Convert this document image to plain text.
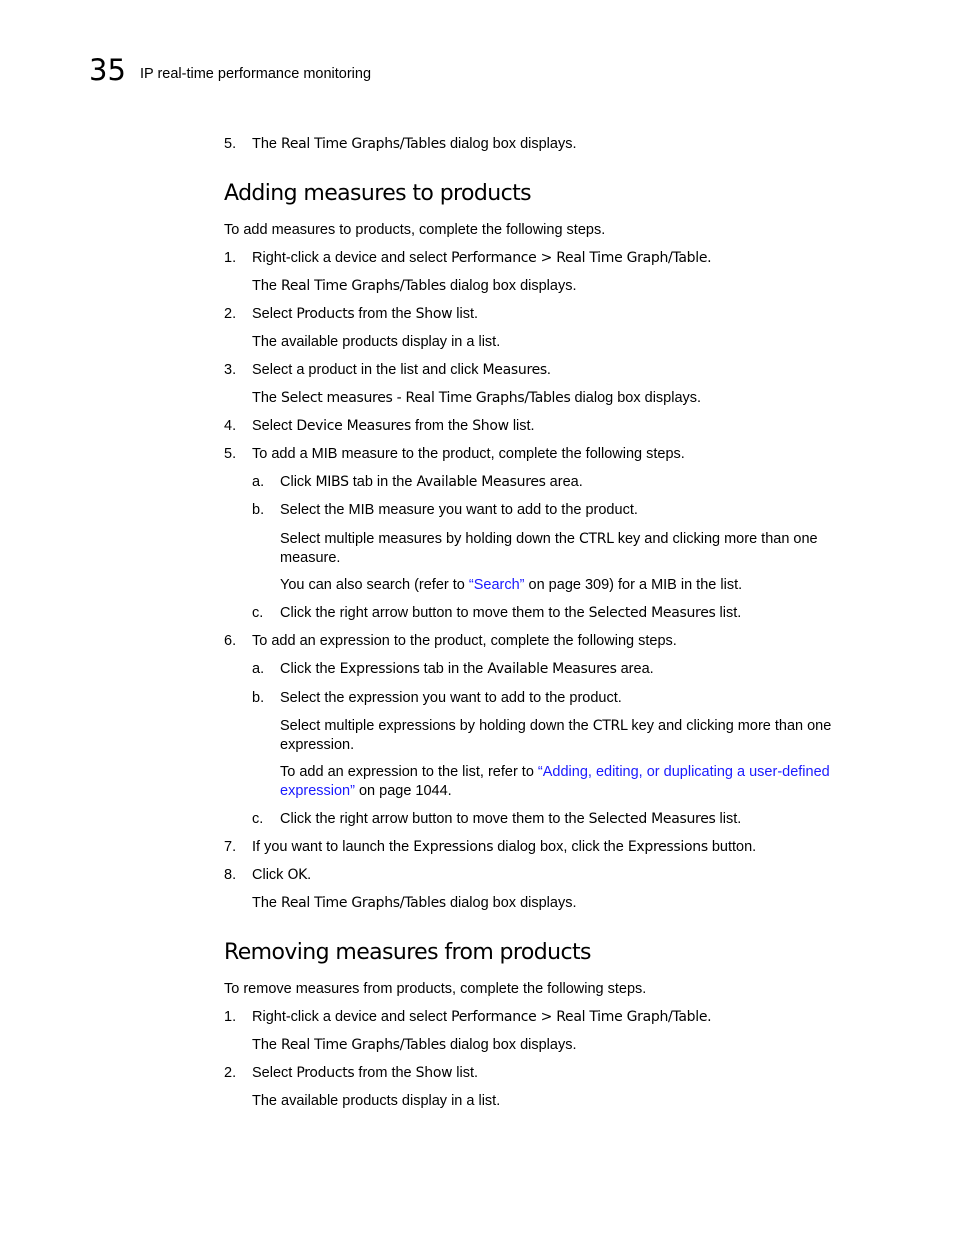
35 IP real-time performance monitoring
5. The Real Time Graphs/Tables dialog box displays.
Adding measures to products
To add measures to products, complete the following steps.
1. Right-click a device and select Performance > Real Time Graph/Table.
The Real Time Graphs/Tables dialog box displays.
2. Select Products from the Show list.
The available products display in a list.
3. Select a product in the list and click Measures.
The Select measures - Real Time Graphs/Tables dialog box displays.
4. Select Device Measures from the Show list.
5. To add a MIB measure to the product, complete the following steps.
a. Click MIBS tab in the Available Measures area.
b. Select the MIB measure you want to add to the product.
Select multiple measures by holding down the CTRL key and clicking more than one measure.
You can also search (refer to “Search” on page 309) for a MIB in the list.
c. Click the right arrow button to move them to the Selected Measures list.
6. To add an expression to the product, complete the following steps.
a. Click the Expressions tab in the Available Measures area.
b. Select the expression you want to add to the product.
Select multiple expressions by holding down the CTRL key and clicking more than one expression.
To add an expression to the list, refer to “Adding, editing, or duplicating a user-defined expression” on page 1044.
c. Click the right arrow button to move them to the Selected Measures list.
7. If you want to launch the Expressions dialog box, click the Expressions button.
8. Click OK.
The Real Time Graphs/Tables dialog box displays.
Removing measures from products
To remove measures from products, complete the following steps.
1. Right-click a device and select Performance > Real Time Graph/Table.
The Real Time Graphs/Tables dialog box displays.
2. Select Products from the Show list.
The available products display in a list.
